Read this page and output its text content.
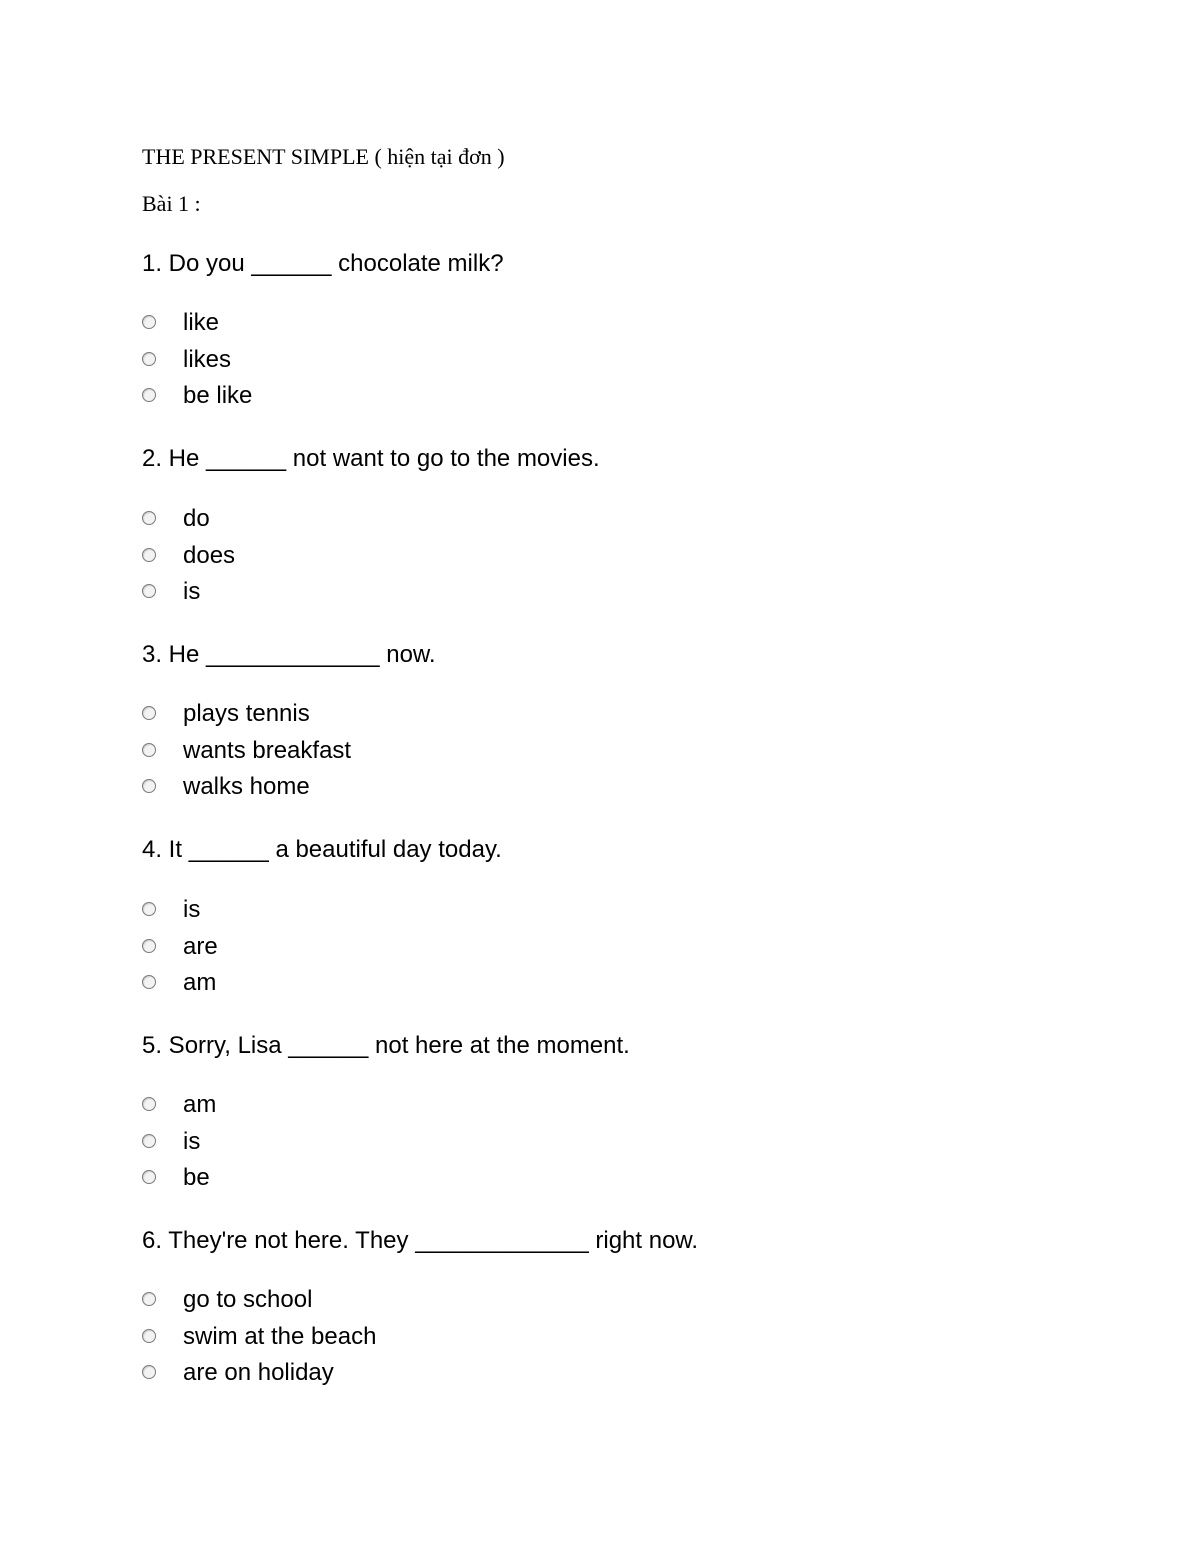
THE PRESENT SIMPLE ( hiện tại đơn )
Bài 1 :
1. Do you ______ chocolate milk?
like
likes
be like
2. He ______ not want to go to the movies.
do
does
is
3. He _____________ now.
plays tennis
wants breakfast
walks home
4. It ______ a beautiful day today.
is
are
am
5. Sorry, Lisa ______ not here at the moment.
am
is
be
6. They're not here. They _____________ right now.
go to school
swim at the beach
are on holiday
